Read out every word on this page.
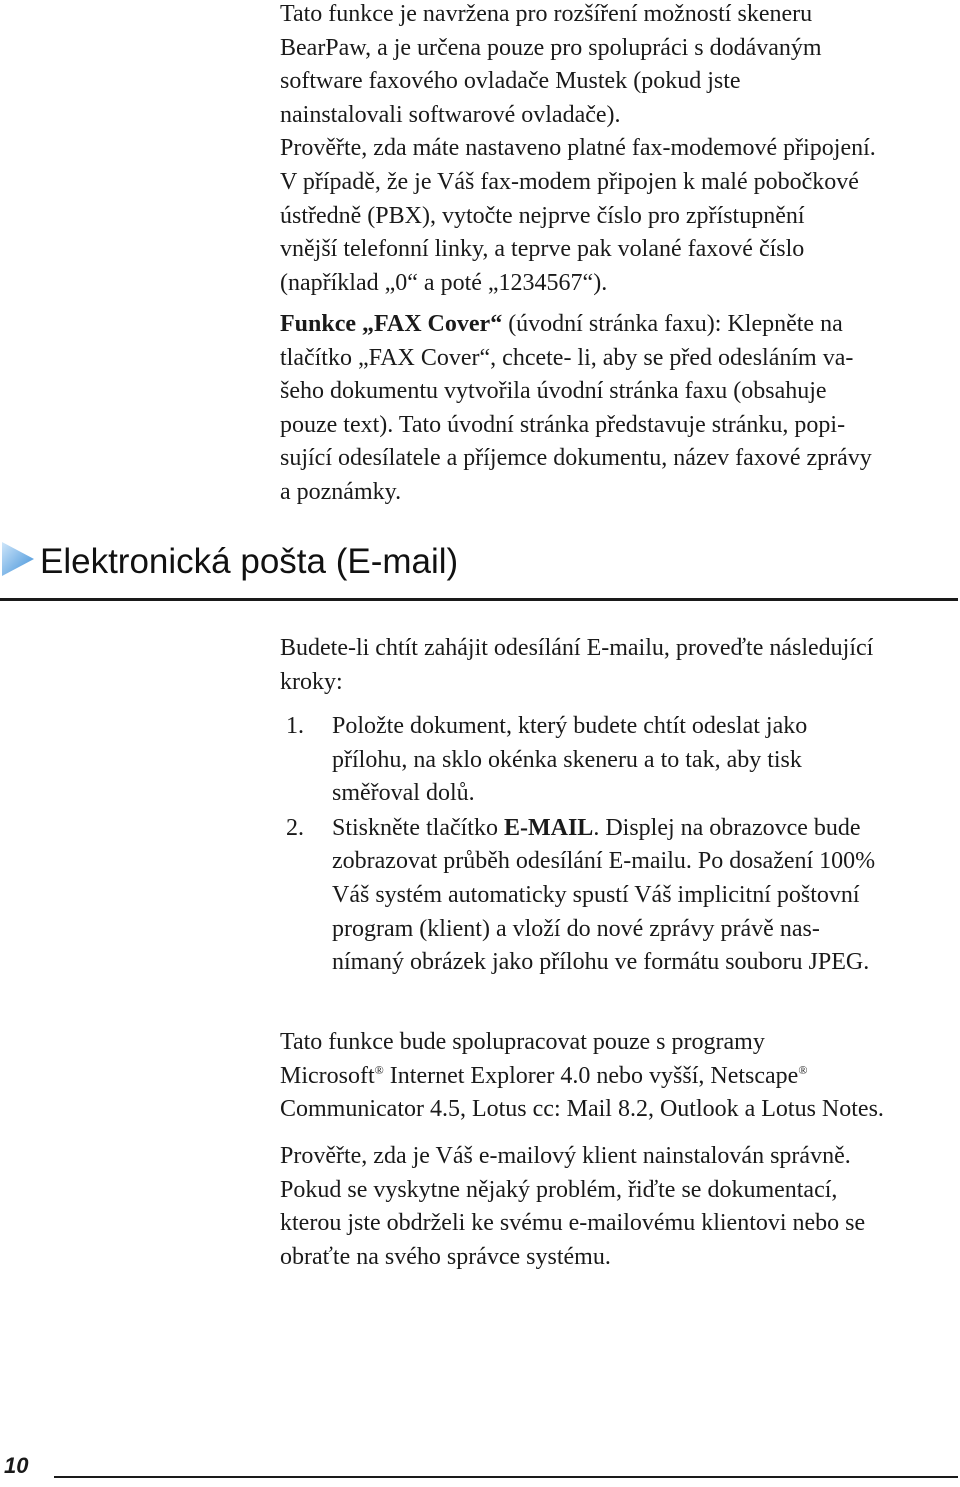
Tato funkce je navržena pro rozšíření možností skeneru

BearPaw, a je určena pouze pro spolupráci s dodávaným

software faxového ovladače Mustek (pokud jste

nainstalovali softwarové ovladače).

Prověřte, zda máte nastaveno platné fax-modemové připojení.

V případě, že je Váš fax-modem připojen k malé pobočkové

ústředně (PBX), vytočte nejprve číslo pro zpřístupnění

vnější telefonní linky, a teprve pak volané faxové číslo

(například „0“ a poté „1234567“).

Funkce „FAX Cover“ (úvodní stránka faxu): Klepněte na

tlačítko „FAX Cover“, chcete- li, aby se před odesláním va-

šeho dokumentu vytvořila úvodní stránka faxu (obsahuje

pouze text). Tato úvodní stránka představuje stránku, popi-

sující odesílatele a příjemce dokumentu, název faxové zprávy

a poznámky.

Elektronická pošta (E-mail)

Budete-li chtít zahájit odesílání E-mailu, proveďte následující

kroky:

1. Položte dokument, který budete chtít odeslat jako

přílohu, na sklo okénka skeneru a to tak, aby tisk

směřoval dolů.

2. Stiskněte tlačítko E-MAIL. Displej na obrazovce bude

zobrazovat průběh odesílání E-mailu. Po dosažení 100%

Váš systém automaticky spustí Váš implicitní poštovní

program (klient) a vloží do nové zprávy právě nas-

nímaný obrázek jako přílohu ve formátu souboru JPEG.

Tato funkce bude spolupracovat pouze s programy

Microsoft® Internet Explorer 4.0 nebo vyšší, Netscape®

Communicator 4.5, Lotus cc: Mail 8.2, Outlook a Lotus Notes.

Prověřte, zda je Váš e-mailový klient nainstalován správně.

Pokud se vyskytne nějaký problém, řiďte se dokumentací,

kterou jste obdrželi ke svému e-mailovému klientovi nebo se

obraťte na svého správce systému.

10
